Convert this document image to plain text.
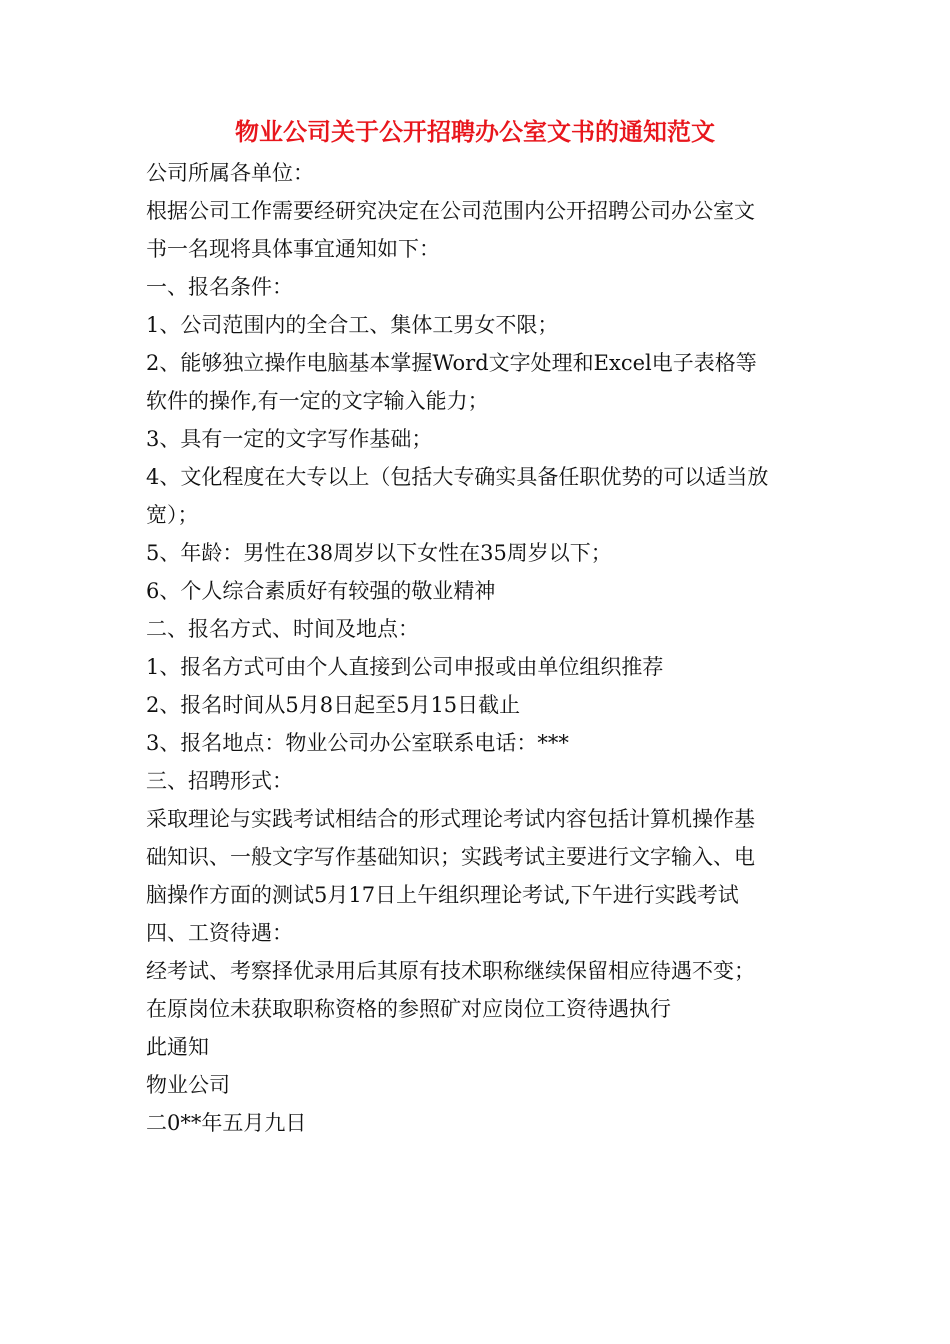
物业公司关于公开招聘办公室文书的通知范文
公司所属各单位：
根据公司工作需要经研究决定在公司范围内公开招聘公司办公室文
书一名现将具体事宜通知如下：
一、报名条件：
1、公司范围内的全合工、集体工男女不限；
2、能够独立操作电脑基本掌握Word文字处理和Excel电子表格等
软件的操作,有一定的文字输入能力；
3、具有一定的文字写作基础；
4、文化程度在大专以上（包括大专确实具备任职优势的可以适当放
宽）；
5、年龄：男性在38周岁以下女性在35周岁以下；
6、个人综合素质好有较强的敬业精神
二、报名方式、时间及地点：
1、报名方式可由个人直接到公司申报或由单位组织推荐
2、报名时间从5月8日起至5月15日截止
3、报名地点：物业公司办公室联系电话：***
三、招聘形式：
采取理论与实践考试相结合的形式理论考试内容包括计算机操作基
础知识、一般文字写作基础知识；实践考试主要进行文字输入、电
脑操作方面的测试5月17日上午组织理论考试,下午进行实践考试
四、工资待遇：
经考试、考察择优录用后其原有技术职称继续保留相应待遇不变；
在原岗位未获取职称资格的参照矿对应岗位工资待遇执行
此通知
物业公司
二0**年五月九日
